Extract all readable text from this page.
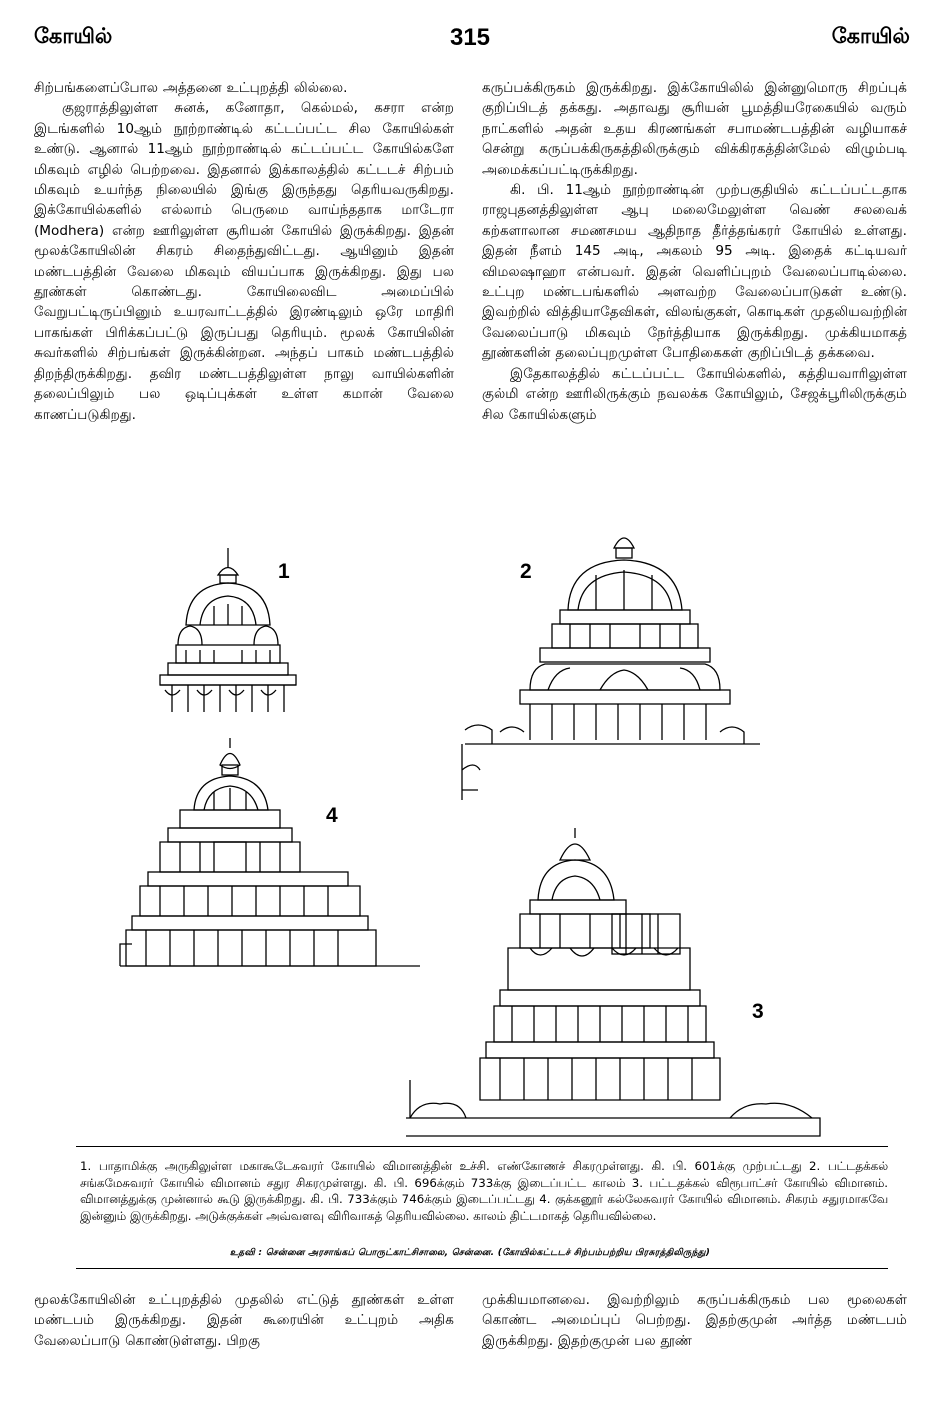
கோயில்	315	கோயில்

சிற்பங்களைப்போல அத்தனை உட்புறத்தி லில்லை.

குஜராத்திலுள்ள சுனக், கனோதா, கெல்மல், கசரா என்ற இடங்களில் 10ஆம் நூற்றாண்டில் கட்டப்பட்ட சில கோயில்கள் உண்டு. ஆனால் 11ஆம் நூற்றாண்டில் கட்டப்பட்ட கோயில்களே மிகவும் எழில் பெற்றவை. இதனால் இக்காலத்தில் கட்டடச் சிற்பம் மிகவும் உயர்ந்த நிலையில் இங்கு இருந்தது தெரியவருகிறது. இக்கோயில்களில் எல்லாம் பெருமை வாய்ந்ததாக மாடேரா (Modhera) என்ற ஊரிலுள்ள சூரியன் கோயில் இருக்கிறது. இதன் மூலக்கோயிலின் சிகரம் சிதைந்துவிட்டது. ஆயினும் இதன் மண்டபத்தின் வேலை மிகவும் வியப்பாக இருக்கிறது. இது பல தூண்கள் கொண்டது. கோயிலைவிட அமைப்பில் வேறுபட்டிருப்பினும் உயரவாட்டத்தில் இரண்டிலும் ஒரே மாதிரி பாகங்கள் பிரிக்கப்பட்டு இருப்பது தெரியும். மூலக் கோயிலின் சுவர்களில் சிற்பங்கள் இருக்கின்றன. அந்தப் பாகம் மண்டபத்தில் திறந்திருக்கிறது. தவிர மண்டபத்திலுள்ள நாலு வாயில்களின் தலைப்பிலும் பல ஒடிப்புக்கள் உள்ள கமான் வேலை காணப்படுகிறது.

கருப்பக்கிருகம் இருக்கிறது. இக்கோயிலில் இன்னுமொரு சிறப்புக் குறிப்பிடத் தக்கது. அதாவது சூரியன் பூமத்தியரேகையில் வரும் நாட்களில் அதன் உதய கிரணங்கள் சபாமண்டபத்தின் வழியாகச் சென்று கருப்பக்கிருகத்திலிருக்கும் விக்கிரகத்தின்மேல் விழும்படி அமைக்கப்பட்டிருக்கிறது.

கி. பி. 11ஆம் நூற்றாண்டின் முற்பகுதியில் கட்டப்பட்டதாக ராஜபுதனத்திலுள்ள ஆபு மலைமேலுள்ள வெண் சலவைக் கற்களாலான சமணசமய ஆதிநாத தீர்த்தங்கரர் கோயில் உள்ளது. இதன் நீளம் 145 அடி, அகலம் 95 அடி. இதைக் கட்டியவர் விமலஷாஹா என்பவர். இதன் வெளிப்புறம் வேலைப்பாடில்லை. உட்புற மண்டபங்களில் அளவற்ற வேலைப்பாடுகள் உண்டு. இவற்றில் வித்தியாதேவிகள், விலங்குகள், கொடிகள் முதலியவற்றின் வேலைப்பாடு மிகவும் நேர்த்தியாக இருக்கிறது. முக்கியமாகத் தூண்களின் தலைப்புறமுள்ள போதிகைகள் குறிப்பிடத் தக்கவை.

இதேகாலத்தில் கட்டப்பட்ட கோயில்களில், கத்தியவாரிலுள்ள குல்மி என்ற ஊரிலிருக்கும் நவலக்க கோயிலும், சேஜக்பூரிலிருக்கும் சில கோயில்களும்

1	2
4
3
1. பாதாமிக்கு அருகிலுள்ள மகாகூடேசுவரர் கோயில் விமானத்தின் உச்சி. எண்கோணச் சிகரமுள்ளது. கி. பி. 601க்கு முற்பட்டது 2. பட்டதக்கல் சங்கமேசுவரர் கோயில் விமானம் சதுர சிகரமுள்ளது. கி. பி. 696க்கும் 733க்கு இடைப்பட்ட காலம் 3. பட்டதக்கல் விரூபாட்சர் கோயில் விமானம். விமானத்துக்கு முன்னால் கூடு இருக்கிறது. கி. பி. 733க்கும் 746க்கும் இடைப்பட்டது 4. குக்கனூர் கல்லேசுவரர் கோயில் விமானம். சிகரம் சதுரமாகவே இன்னும் இருக்கிறது. அடுக்குக்கள் அவ்வளவு விரிவாகத் தெரியவில்லை. காலம் திட்டமாகத் தெரியவில்லை.
உதவி : சென்னை அரசாங்கப் பொருட்காட்சிசாலை, சென்னை. (கோயில்கட்டடச் சிற்பம்பற்றிய பிரசுரத்திலிருந்து)

மூலக்கோயிலின் உட்புறத்தில் முதலில் எட்டுத் தூண்கள் உள்ள மண்டபம் இருக்கிறது. இதன் கூரையின் உட்புறம் அதிக வேலைப்பாடு கொண்டுள்ளது. பிறகு

முக்கியமானவை. இவற்றிலும் கருப்பக்கிருகம் பல மூலைகள் கொண்ட அமைப்புப் பெற்றது. இதற்குமுன் அர்த்த மண்டபம் இருக்கிறது. இதற்குமுன் பல தூண்
